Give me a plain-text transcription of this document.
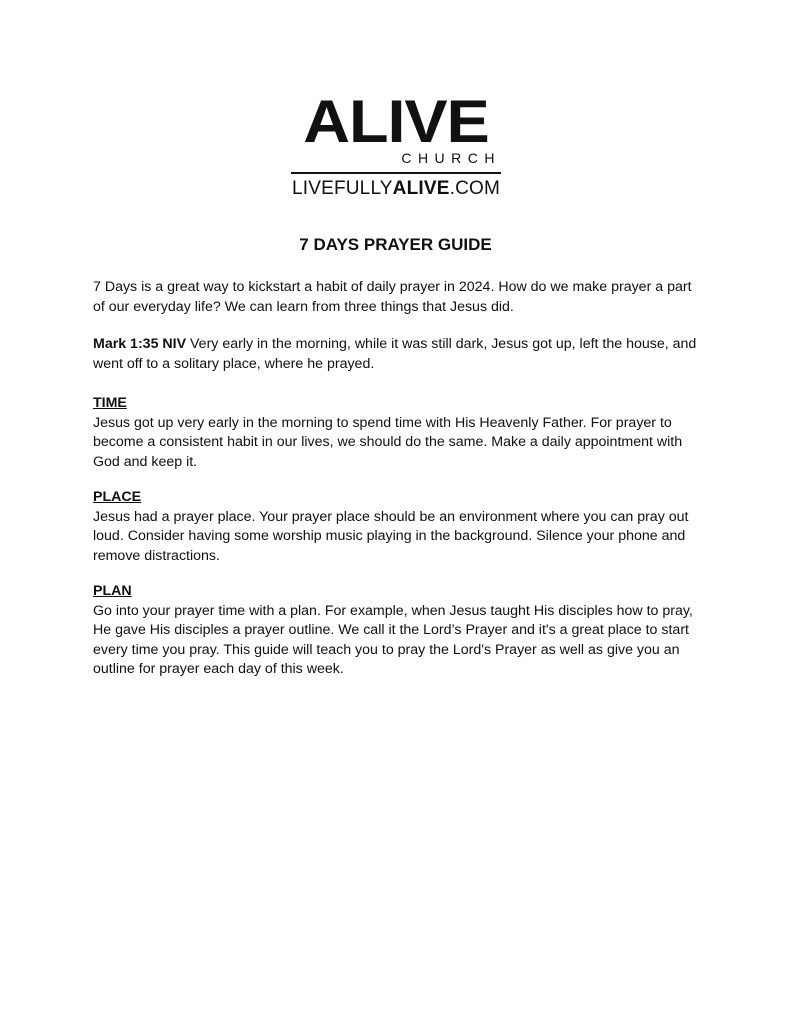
ALIVE
CHURCH
LIVEFULLYALIVE.COM
7 DAYS PRAYER GUIDE

7 Days is a great way to kickstart a habit of daily prayer in 2024. How do we make prayer a part of our everyday life? We can learn from three things that Jesus did.

Mark 1:35 NIV Very early in the morning, while it was still dark, Jesus got up, left the house, and went off to a solitary place, where he prayed.

TIME

Jesus got up very early in the morning to spend time with His Heavenly Father. For prayer to become a consistent habit in our lives, we should do the same. Make a daily appointment with God and keep it.

PLACE

Jesus had a prayer place. Your prayer place should be an environment where you can pray out loud. Consider having some worship music playing in the background. Silence your phone and remove distractions.

PLAN

Go into your prayer time with a plan. For example, when Jesus taught His disciples how to pray, He gave His disciples a prayer outline. We call it the Lord’s Prayer and it's a great place to start every time you pray. This guide will teach you to pray the Lord's Prayer as well as give you an outline for prayer each day of this week.
